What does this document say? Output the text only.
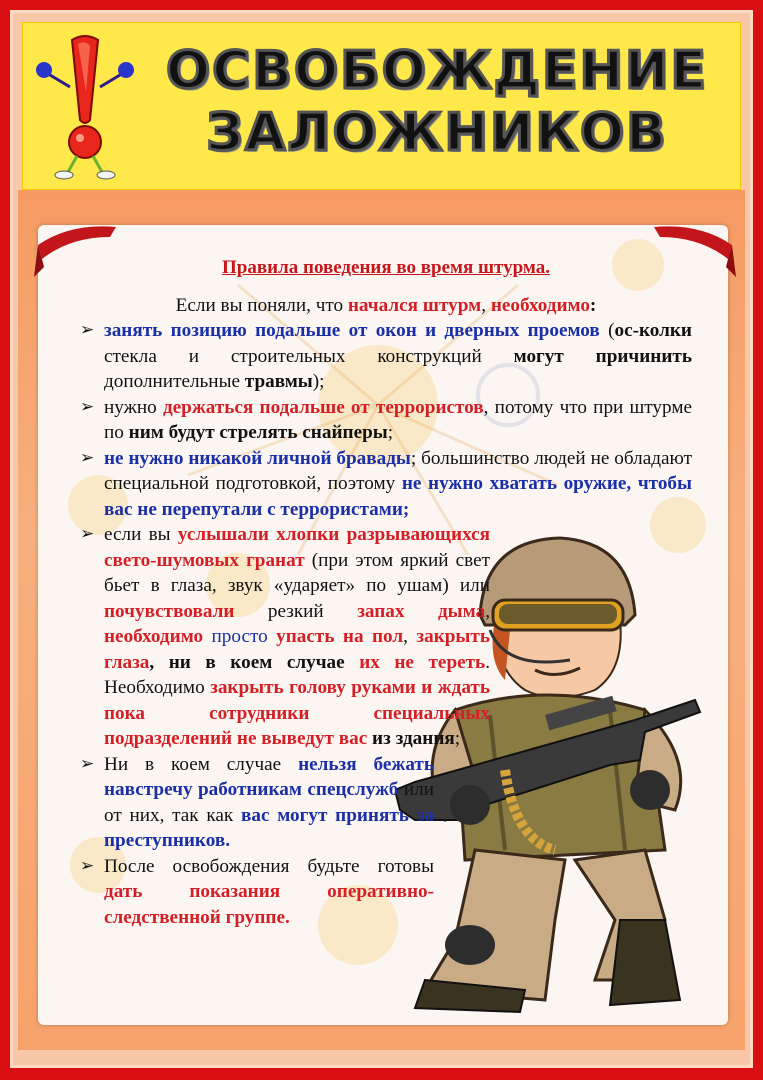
ОСВОБОЖДЕНИЕ
ЗАЛОЖНИКОВ
Правила поведения во время штурма.
Если вы поняли, что начался штурм, необходимо:
➢ занять позицию подальше от окон и дверных проемов (ос-колки стекла и строительных конструкций могут причинить дополнительные травмы);
➢ нужно держаться подальше от террористов, потому что при штурме по ним будут стрелять снайперы;
➢ не нужно никакой личной бравады; большинство людей не обладают специальной подготовкой, поэтому не нужно хватать оружие, чтобы вас не перепутали с террористами;
➢ если вы услышали хлопки разрывающихся свето-шумовых гранат (при этом яркий свет бьет в глаза, звук «ударяет» по ушам) или почувствовали резкий запах дыма, необходимо просто упасть на пол, закрыть глаза, ни в коем случае их не тереть. Необходимо закрыть голову руками и ждать пока сотрудники специальных подразделений не выведут вас из здания;
➢ Ни в коем случае нельзя бежать навстречу работникам спецслужб или от них, так как вас могут принять за преступников.
➢ После освобождения будьте готовы дать показания оперативно-следственной группе.
